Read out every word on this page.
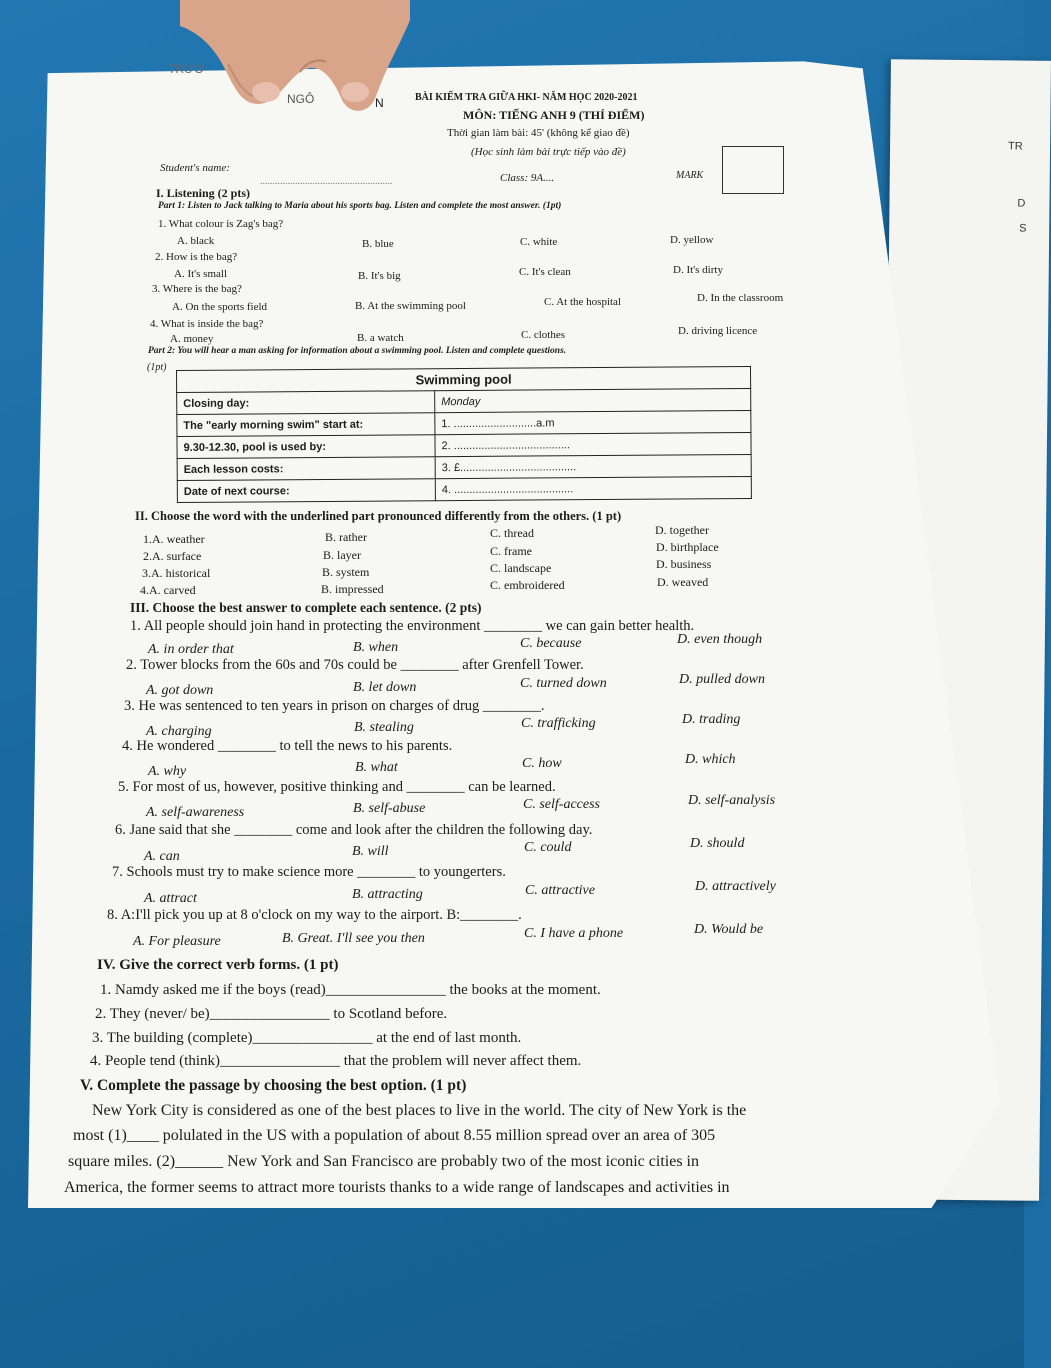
TR
D
S
TRƯỜ
NGÔ	N	BÀI KIỂM TRA GIỮA HKI- NĂM HỌC 2020-2021
MÔN: TIẾNG ANH 9 (THÍ ĐIỂM)
Thời gian làm bài: 45' (không kể giao đề)
(Học sinh làm bài trực tiếp vào đề)
Student's name:
.....................................................	Class: 9A....	MARK
I. Listening (2 pts)
Part 1: Listen to Jack talking to Maria about his sports bag. Listen and complete the most answer. (1pt)
1. What colour is Zag's bag?
A. black	B. blue	C. white	D. yellow
2. How is the bag?
A. It's small	B. It's big	C. It's clean	D. It's dirty
3. Where is the bag?
A. On the sports field	B. At the swimming pool	C. At the hospital	D. In the classroom
4. What is inside the bag?
A. money	B. a watch	C. clothes	D. driving licence
Part 2: You will hear a man asking for information about a swimming pool. Listen and complete questions.
(1pt)
Swimming pool	
Closing day:	Monday
The "early morning swim" start at:	1. ...........................a.m
9.30-12.30, pool is used by:	2. ......................................
Each lesson costs:	3. £......................................
Date of next course:	4. .......................................
II. Choose the word with the underlined part pronounced differently from the others. (1 pt)
1.A. weather	B. rather	C. thread	D. together
2.A. surface	B. layer	C. frame	D. birthplace
3.A. historical	B. system	C. landscape	D. business
4.A. carved	B. impressed	C. embroidered	D. weaved
III. Choose the best answer to complete each sentence. (2 pts)
1. All people should join hand in protecting the environment ________ we can gain better health.
A. in order that	B. when	C. because	D. even though
2. Tower blocks from the 60s and 70s could be ________ after Grenfell Tower.
A. got down	B. let down	C. turned down	D. pulled down
3. He was sentenced to ten years in prison on charges of drug ________.
A. charging	B. stealing	C. trafficking	D. trading
4. He wondered ________ to tell the news to his parents.
A. why	B. what	C. how	D. which
5. For most of us, however, positive thinking and ________ can be learned.
A. self-awareness	B. self-abuse	C. self-access	D. self-analysis
6. Jane said that she ________ come and look after the children the following day.
A. can	B. will	C. could	D. should
7. Schools must try to make science more ________ to youngerters.
A. attract	B. attracting	C. attractive	D. attractively
8. A:I'll pick you up at 8 o'clock on my way to the airport. B:________.
A. For pleasure	B. Great. I'll see you then	C. I have a phone	D. Would be
IV. Give the correct verb forms. (1 pt)
1. Namdy asked me if the boys (read)________________ the books at the moment.
2. They (never/ be)________________ to Scotland before.
3. The building (complete)________________ at the end of last month.
4. People tend (think)________________ that the problem will never affect them.
V. Complete the passage by choosing the best option. (1 pt)
New York City is considered as one of the best places to live in the world. The city of New York is the
most (1)____ polulated in the US with a population of about 8.55 million spread over an area of 305
square miles. (2)______ New York and San Francisco are probably two of the most iconic cities in
America, the former seems to attract more tourists thanks to a wide range of landscapes and activities in
